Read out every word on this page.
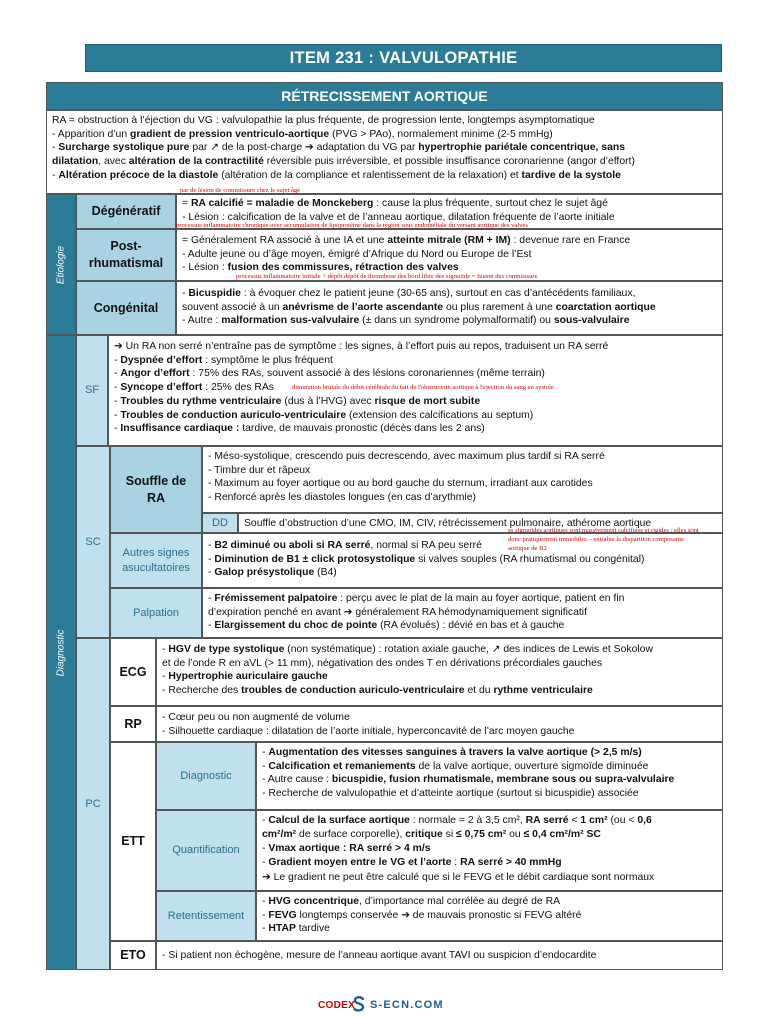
ITEM 231 : VALVULOPATHIE
RÉTRECISSEMENT AORTIQUE
RA = obstruction à l’éjection du VG : valvulopathie la plus fréquente, de progression lente, longtemps asymptomatique
- Apparition d’un gradient de pression ventriculo-aortique (PVG > PAo), normalement minime (2-5 mmHg)
- Surcharge systolique pure par ↗ de la post-charge ➔ adaptation du VG par hypertrophie pariétale concentrique, sans
dilatation, avec altération de la contractilité réversible puis irréversible, et possible insuffisance coronarienne (angor d’effort)
- Altération précoce de la diastole (altération de la compliance et ralentissement de la relaxation) et tardive de la systole
Etiologie
Dégénératif
= RA calcifié = maladie de Monckeberg : cause la plus fréquente, surtout chez le sujet âgé
- Lésion : calcification de la valve et de l’anneau aortique, dilatation fréquente de l’aorte initiale
Post-rhumatismal
= Généralement RA associé à une IA et une atteinte mitrale (RM + IM) : devenue rare en France
- Adulte jeune ou d’âge moyen, émigré d’Afrique du Nord ou Europe de l’Est
- Lésion : fusion des commissures, rétraction des valves
Congénital
- Bicuspidie : à évoquer chez le patient jeune (30-65 ans), surtout en cas d’antécédents familiaux,
souvent associé à un anévrisme de l’aorte ascendante ou plus rarement à une coarctation aortique
- Autre : malformation sus-valvulaire (± dans un syndrome polymalformatif) ou sous-valvulaire
Diagnostic
SF
➔ Un RA non serré n’entraîne pas de symptôme : les signes, à l’effort puis au repos, traduisent un RA serré
- Dyspnée d’effort : symptôme le plus fréquent
- Angor d’effort : 75% des RAs, souvent associé à des lésions coronariennes (même terrain)
- Syncope d’effort : 25% des RAs
- Troubles du rythme ventriculaire (dus à l’HVG) avec risque de mort subite
- Troubles de conduction auriculo-ventriculaire (extension des calcifications au septum)
- Insuffisance cardiaque : tardive, de mauvais pronostic (décès dans les 2 ans)
SC
Souffle de RA
- Méso-systolique, crescendo puis decrescendo, avec maximum plus tardif si RA serré
- Timbre dur et râpeux
- Maximum au foyer aortique ou au bord gauche du sternum, irradiant aux carotides
- Renforcé après les diastoles longues (en cas d’arythmie)
DD Souffle d’obstruction d’une CMO, IM, CIV, rétrécissement pulmonaire, athérome aortique
Autres signes asucultatoires
- B2 diminué ou aboli si RA serré, normal si RA peu serré
- Diminution de B1 ± click protosystolique si valves souples (RA rhumatismal ou congénital)
- Galop présystolique (B4)
Palpation
- Frémissement palpatoire : perçu avec le plat de la main au foyer aortique, patient en fin
d’expiration penché en avant ➔ généralement RA hémodynamiquement significatif
- Elargissement du choc de pointe (RA évolués) : dévié en bas et à gauche
PC
ECG
- HGV de type systolique (non systématique) : rotation axiale gauche, ↗ des indices de Lewis et Sokolow
et de l’onde R en aVL (> 11 mm), négativation des ondes T en dérivations précordiales gauches
- Hypertrophie auriculaire gauche
- Recherche des troubles de conduction auriculo-ventriculaire et du rythme ventriculaire
RP - Cœur peu ou non augmenté de volume
- Silhouette cardiaque : dilatation de l’aorte initiale, hyperconcavité de l’arc moyen gauche
ETT
Diagnostic
- Augmentation des vitesses sanguines à travers la valve aortique (> 2,5 m/s)
- Calcification et remaniements de la valve aortique, ouverture sigmoïde diminuée
- Autre cause : bicuspidie, fusion rhumatismale, membrane sous ou supra-valvulaire
- Recherche de valvulopathie et d’atteinte aortique (surtout si bicuspidie) associée
Quantification
- Calcul de la surface aortique : normale = 2 à 3,5 cm², RA serré < 1 cm² (ou < 0,6
cm²/m² de surface corporelle), critique si ≤ 0,75 cm² ou ≤ 0,4 cm²/m² SC
- Vmax aortique : RA serré > 4 m/s
- Gradient moyen entre le VG et l’aorte : RA serré > 40 mmHg
➔ Le gradient ne peut être calculé que si le FEVG et le débit cardiaque sont normaux
Retentissement
- HVG concentrique, d’importance mal corrélée au degré de RA
- FEVG longtemps conservée ➔ de mauvais pronostic si FEVG altéré
- HTAP tardive
ETO - Si patient non échogène, mesure de l’anneau aortique avant TAVI ou suspicion d’endocardite
par de lésion de commissure chez le sujet âgé
processus inflammatoire chronique avec accumulation de lipoprotéine dans la région sous endothéliale du versant aortique des valves
processus inflammatoire initiale + dépôt dépôt de thrombose des bord libre des sigmoïde = fusion des commissure
diminution brutale du débit cérébrale du fait de l'obstructoin aortique à l'ejection du sang en systole
es sigmoïdes aortiques sont massivement calcifiées et rigides ; elles sont
donc pratiquement immobiles – entraîne la disparition composante
aortique de B2
CODEX S-ECN.COM
